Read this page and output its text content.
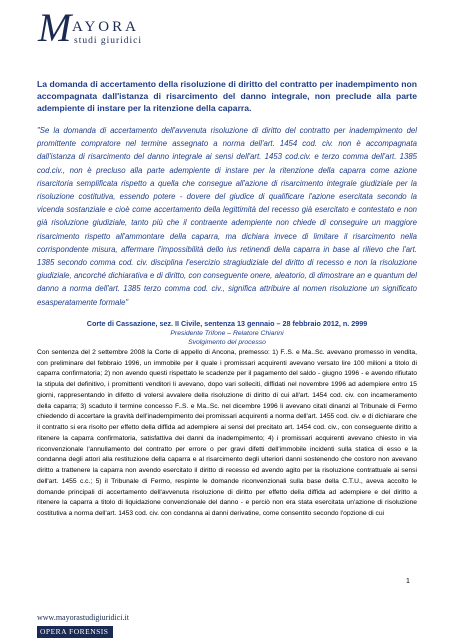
M AYORA
studi giuridici

La domanda di accertamento della risoluzione di diritto del contratto per inadempimento non accompagnata dall'istanza di risarcimento del danno integrale, non preclude alla parte adempiente di instare per la ritenzione della caparra.

"Se la domanda di accertamento dell'avvenuta risoluzione di diritto del contratto per inadempimento del promittente compratore nel termine assegnato a norma dell'art. 1454 cod. civ. non è accompagnata dall'istanza di risarcimento del danno integrale ai sensi dell'art. 1453 cod.civ. e terzo comma dell'art. 1385 cod.civ., non è precluso alla parte adempiente di instare per la ritenzione della caparra come azione risarcitoria semplificata rispetto a quella che consegue all'azione di risarcimento integrale giudiziale per la risoluzione costitutiva, essendo potere - dovere del giudice di qualificare l'azione esercitata secondo la vicenda sostanziale e cioè come accertamento della legittimità del recesso già esercitato e contestato e non già risoluzione giudiziale, tanto più che il contraente adempiente non chiede di conseguire un maggiore risarcimento rispetto all'ammontare della caparra, ma dichiara invece di limitare il risarcimento nella corrispondente misura, affermare l'impossibilità dello ius retinendi della caparra in base al rilievo che l'art. 1385 secondo comma cod. civ. disciplina l'esercizio stragiudiziale del diritto di recesso e non la risoluzione giudiziale, ancorché dichiarativa e di diritto, con conseguente onere, aleatorio, di dimostrare an e quantum del danno a norma dell'art. 1385 terzo comma cod. civ., significa attribuire al nomen risoluzione un significato esasperatamente formale"

Corte di Cassazione, sez. II Civile, sentenza 13 gennaio – 28 febbraio 2012, n. 2999

Presidente Trifone – Relatore Chiarini

Svolgimento del processo

Con sentenza del 2 settembre 2008 la Corte di appello di Ancona, premesso: 1) F..S. e Ma..Sc. avevano promesso in vendita, con preliminare del febbraio 1996, un immobile per il quale i promissari acquirenti avevano versato lire 100 milioni a titolo di caparra confirmatoria; 2) non avendo questi rispettato le scadenze per il pagamento del saldo - giugno 1996 - e avendo rifiutato la stipula del definitivo, i promittenti venditori li avevano, dopo vari solleciti, diffidati nel novembre 1996 ad adempiere entro 15 giorni, rappresentando in difetto di volersi avvalere della risoluzione di diritto di cui all'art. 1454 cod. civ. con incameramento della caparra; 3) scaduto il termine concesso F..S. e Ma..Sc. nel dicembre 1996 li avevano citati dinanzi al Tribunale di Fermo chiedendo di accertare la gravità dell'inadempimento dei promissari acquirenti a norma dell'art. 1455 cod. civ. e di dichiarare che il contratto si era risolto per effetto della diffida ad adempiere ai sensi del precitato art. 1454 cod. civ., con conseguente diritto a ritenere la caparra confirmatoria, satisfattiva dei danni da inadempimento; 4) i promissari acquirenti avevano chiesto in via riconvenzionale l'annullamento del contratto per errore o per gravi difetti dell'immobile incidenti sulla statica di esso e la condanna degli attori alla restituzione della caparra e al risarcimento degli ulteriori danni sostenendo che costoro non avevano diritto a trattenere la caparra non avendo esercitato il diritto di recesso ed avendo agito per la risoluzione contrattuale ai sensi dell'art. 1455 c.c.; 5) il Tribunale di Fermo, respinte le domande riconvenzionali sulla base della C.T.U., aveva accolto le domande principali di accertamento dell'avvenuta risoluzione di diritto per effetto della diffida ad adempiere e del diritto a ritenere la caparra a titolo di liquidazione convenzionale del danno - e perciò non era stata esercitata un'azione di risoluzione costitutiva a norma dell'art. 1453 cod. civ. con condanna ai danni derivatine, come consentito secondo l'opzione di cui

1
www.mayorastudigiuridici.it
OPERA FORENSIS
